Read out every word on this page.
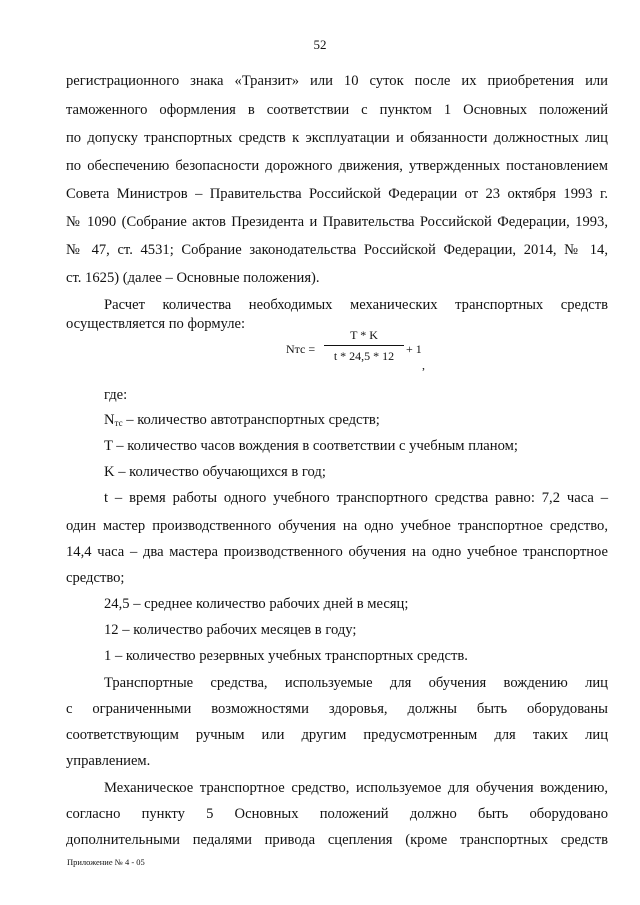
52
регистрационного знака «Транзит» или 10 суток после их приобретения или
таможенного оформления в соответствии с пунктом 1 Основных положений
по допуску транспортных средств к эксплуатации и обязанности должностных лиц
по обеспечению безопасности дорожного движения, утвержденных постановлением
Совета Министров – Правительства Российской Федерации от 23 октября 1993 г.
№ 1090 (Собрание актов Президента и Правительства Российской Федерации, 1993,
№ 47, ст. 4531; Собрание законодательства Российской Федерации, 2014, № 14,
ст. 1625) (далее – Основные положения).
Расчет количества необходимых механических транспортных средств
осуществляется по формуле:
Nтс = $\frac{T * K}{t * 24,5 * 12} + 1$
,
где:
$N_{тс}$ – количество автотранспортных средств;
T – количество часов вождения в соответствии с учебным планом;
K – количество обучающихся в год;
t – время работы одного учебного транспортного средства равно: 7,2 часа –
один мастер производственного обучения на одно учебное транспортное средство,
14,4 часа – два мастера производственного обучения на одно учебное транспортное
средство;
24,5 – среднее количество рабочих дней в месяц;
12 – количество рабочих месяцев в году;
1 – количество резервных учебных транспортных средств.
Транспортные средства, используемые для обучения вождению лиц
с ограниченными возможностями здоровья, должны быть оборудованы
соответствующим ручным или другим предусмотренным для таких лиц
управлением.
Механическое транспортное средство, используемое для обучения вождению,
согласно пункту 5 Основных положений должно быть оборудовано
дополнительными педалями привода сцепления (кроме транспортных средств
Приложение № 4 - 05
